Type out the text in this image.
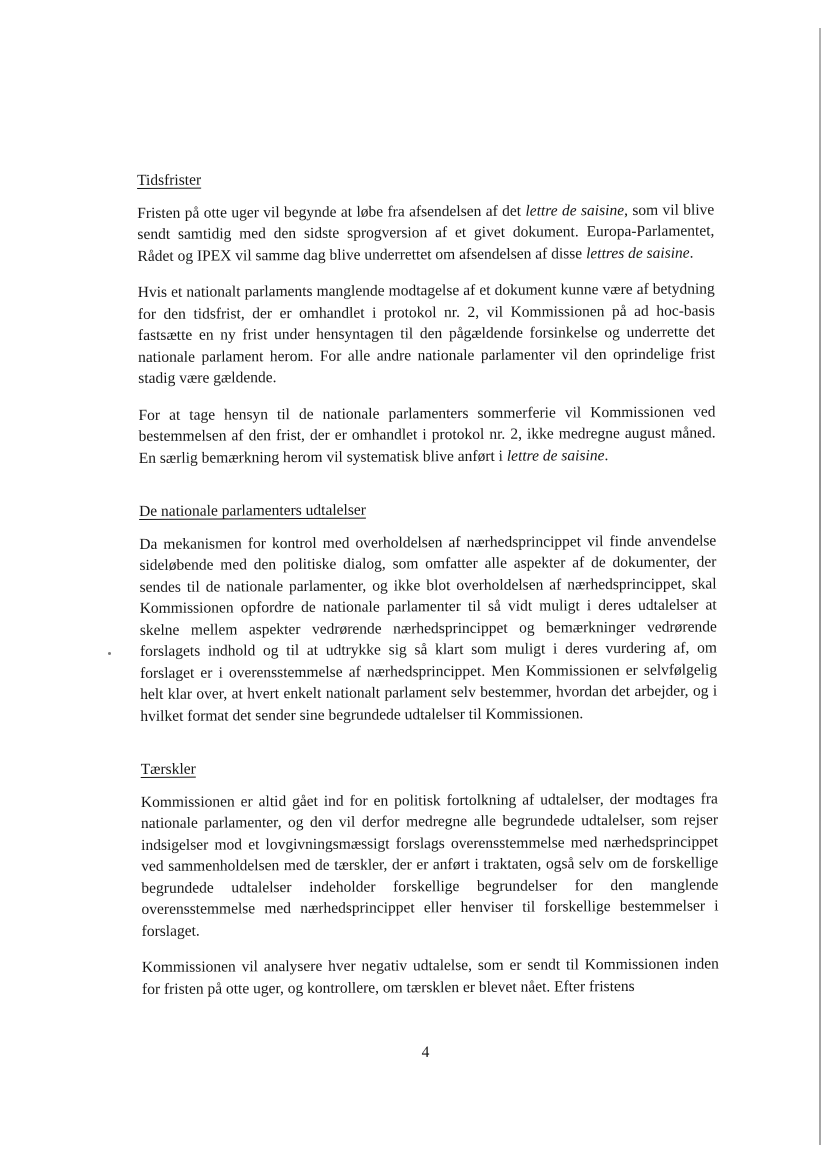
Tidsfrister

Fristen på otte uger vil begynde at løbe fra afsendelsen af det lettre de saisine, som vil blive sendt samtidig med den sidste sprogversion af et givet dokument. Europa-Parlamentet, Rådet og IPEX vil samme dag blive underrettet om afsendelsen af disse lettres de saisine.

Hvis et nationalt parlaments manglende modtagelse af et dokument kunne være af betydning for den tidsfrist, der er omhandlet i protokol nr. 2, vil Kommissionen på ad hoc-basis fastsætte en ny frist under hensyntagen til den pågældende forsinkelse og underrette det nationale parlament herom. For alle andre nationale parlamenter vil den oprindelige frist stadig være gældende.

For at tage hensyn til de nationale parlamenters sommerferie vil Kommissionen ved bestemmelsen af den frist, der er omhandlet i protokol nr. 2, ikke medregne august måned. En særlig bemærkning herom vil systematisk blive anført i lettre de saisine.

De nationale parlamenters udtalelser

Da mekanismen for kontrol med overholdelsen af nærhedsprincippet vil finde anvendelse sideløbende med den politiske dialog, som omfatter alle aspekter af de dokumenter, der sendes til de nationale parlamenter, og ikke blot overholdelsen af nærhedsprincippet, skal Kommissionen opfordre de nationale parlamenter til så vidt muligt i deres udtalelser at skelne mellem aspekter vedrørende nærhedsprincippet og bemærkninger vedrørende forslagets indhold og til at udtrykke sig så klart som muligt i deres vurdering af, om forslaget er i overensstemmelse af nærhedsprincippet. Men Kommissionen er selvfølgelig helt klar over, at hvert enkelt nationalt parlament selv bestemmer, hvordan det arbejder, og i hvilket format det sender sine begrundede udtalelser til Kommissionen.

Tærskler

Kommissionen er altid gået ind for en politisk fortolkning af udtalelser, der modtages fra nationale parlamenter, og den vil derfor medregne alle begrundede udtalelser, som rejser indsigelser mod et lovgivningsmæssigt forslags overensstemmelse med nærhedsprincippet ved sammenholdelsen med de tærskler, der er anført i traktaten, også selv om de forskellige begrundede udtalelser indeholder forskellige begrundelser for den manglende overensstemmelse med nærhedsprincippet eller henviser til forskellige bestemmelser i forslaget.

Kommissionen vil analysere hver negativ udtalelse, som er sendt til Kommissionen inden for fristen på otte uger, og kontrollere, om tærsklen er blevet nået. Efter fristens

4
